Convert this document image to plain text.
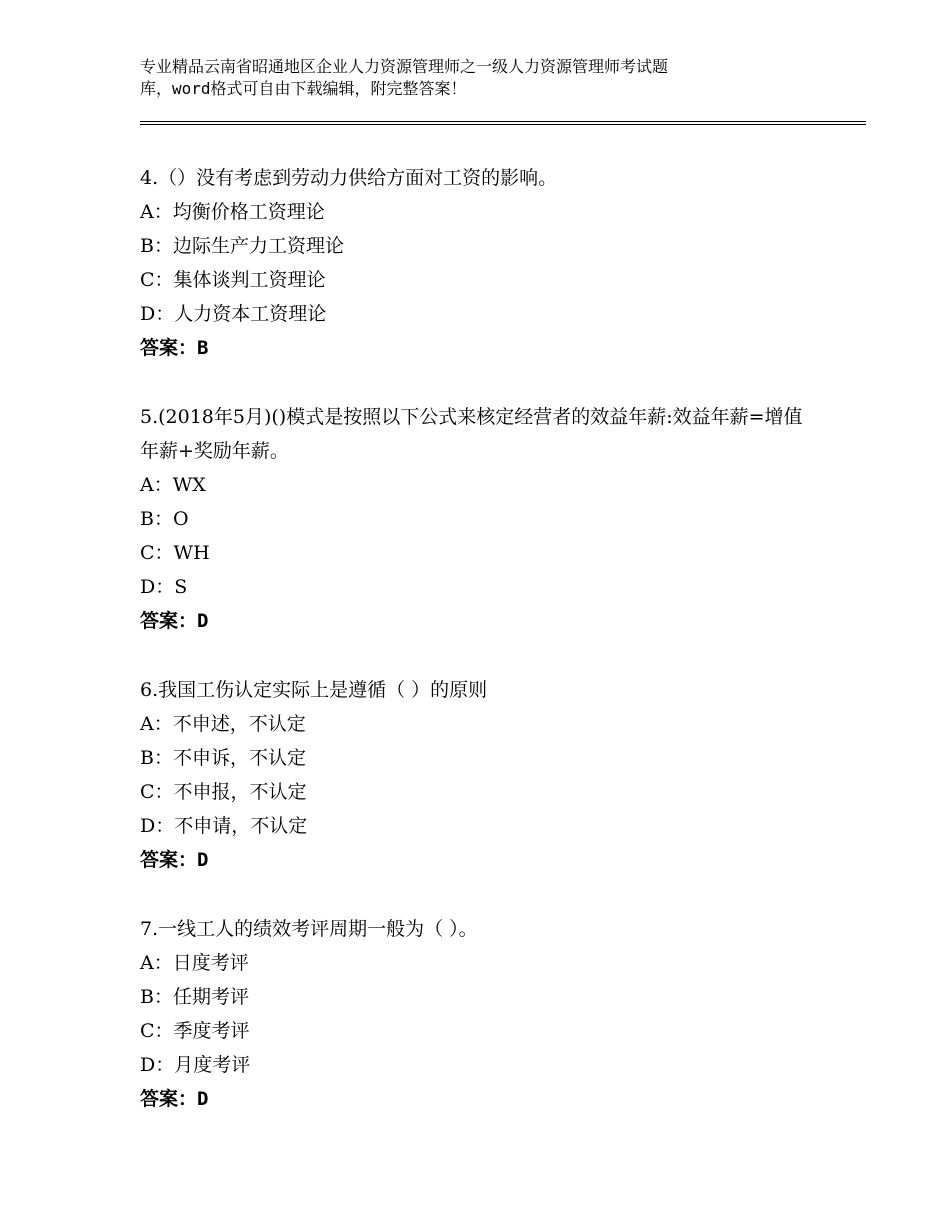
专业精品云南省昭通地区企业人力资源管理师之一级人力资源管理师考试题
库，word格式可自由下载编辑，附完整答案！
4.（）没有考虑到劳动力供给方面对工资的影响。
A：均衡价格工资理论
B：边际生产力工资理论
C：集体谈判工资理论
D：人力资本工资理论
答案：B
5.(2018年5月)()模式是按照以下公式来核定经营者的效益年薪:效益年薪=增值年薪+奖励年薪。
A：WX
B：O
C：WH
D：S
答案：D
6.我国工伤认定实际上是遵循（ ）的原则
A：不申述，不认定
B：不申诉，不认定
C：不申报，不认定
D：不申请，不认定
答案：D
7.一线工人的绩效考评周期一般为（ ）。
A：日度考评
B：任期考评
C：季度考评
D：月度考评
答案：D
